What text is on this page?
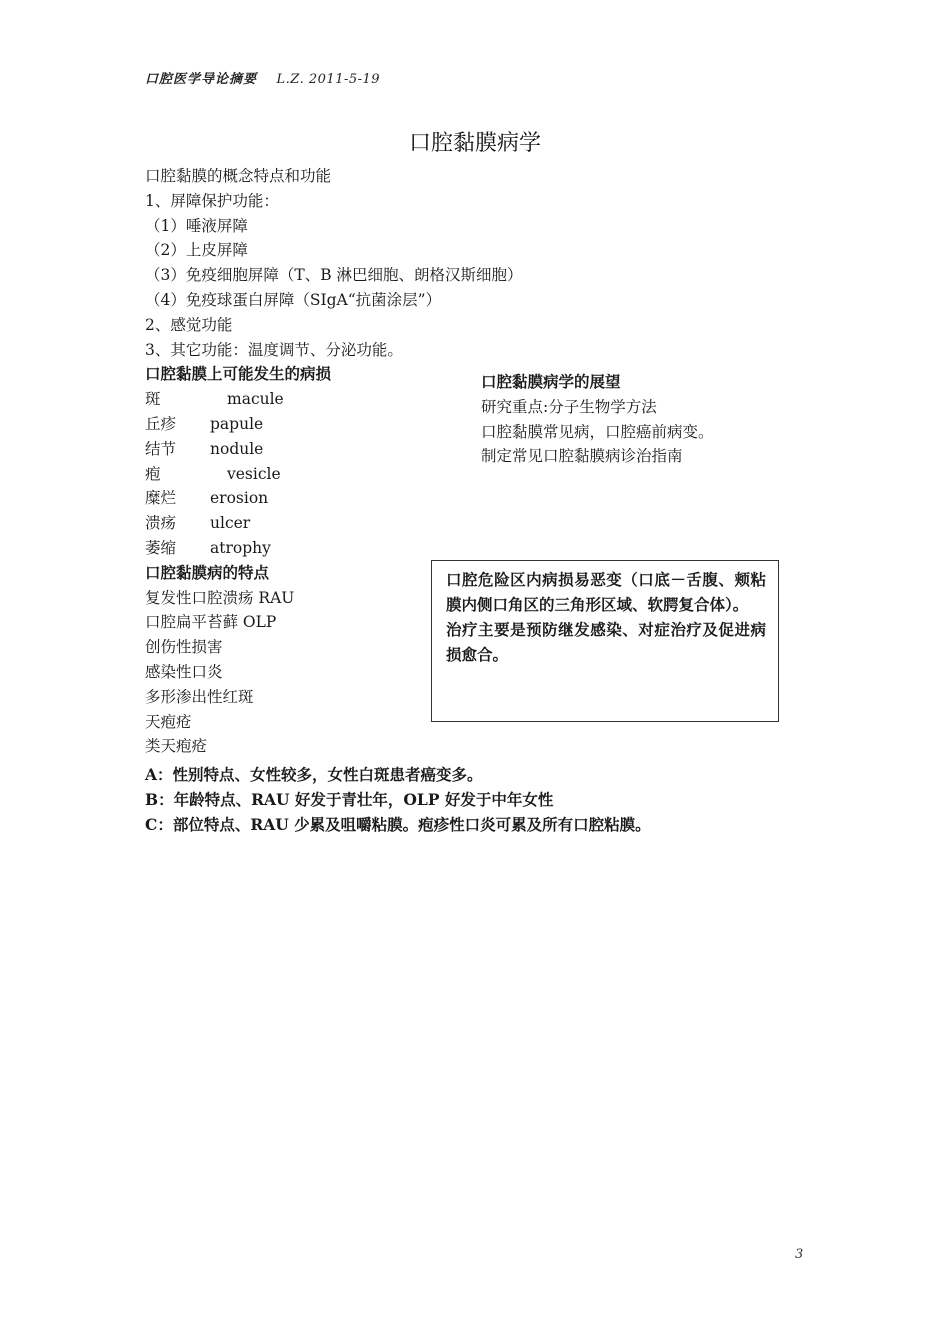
口腔医学导论摘要 L.Z. 2011-5-19
口腔黏膜病学
口腔黏膜的概念特点和功能
1、屏障保护功能：
（1）唾液屏障
（2）上皮屏障
（3）免疫细胞屏障（T、B 淋巴细胞、朗格汉斯细胞）
（4）免疫球蛋白屏障（SIgA“抗菌涂层”）
2、感觉功能
3、其它功能：温度调节、分泌功能。
口腔黏膜上可能发生的病损
斑	macule
丘疹 papule
结节 nodule
疱	vesicle
糜烂 erosion
溃疡 ulcer
萎缩 atrophy
口腔黏膜病的特点
复发性口腔溃疡 RAU
口腔扁平苔藓 OLP
创伤性损害
感染性口炎
多形渗出性红斑
天疱疮
类天疱疮
口腔黏膜病学的展望
研究重点:分子生物学方法
口腔黏膜常见病，口腔癌前病变。
制定常见口腔黏膜病诊治指南
口腔危险区内病损易恶变（口底－舌腹、颊粘膜内侧口角区的三角形区域、软腭复合体）。
治疗主要是预防继发感染、对症治疗及促进病损愈合。
A：性别特点、女性较多，女性白斑患者癌变多。
B：年龄特点、RAU 好发于青壮年，OLP 好发于中年女性
C：部位特点、RAU 少累及咀嚼粘膜。疱疹性口炎可累及所有口腔粘膜。
3
